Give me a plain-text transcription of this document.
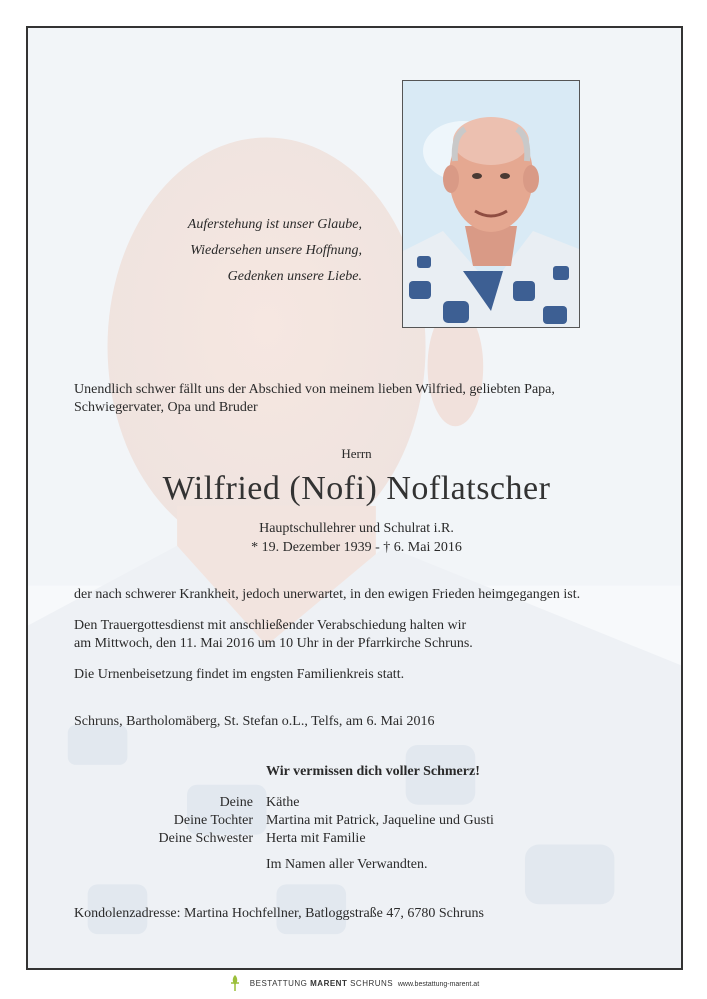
Auferstehung ist unser Glaube,
Wiedersehen unsere Hoffnung,
Gedenken unsere Liebe.
Unendlich schwer fällt uns der Abschied von meinem lieben Wilfried, geliebten Papa,
Schwiegervater, Opa und Bruder
Herrn
Wilfried (Nofi) Noflatscher
Hauptschullehrer und Schulrat i.R.
* 19. Dezember 1939 - † 6. Mai 2016
der nach schwerer Krankheit, jedoch unerwartet, in den ewigen Frieden heimgegangen ist.
Den Trauergottesdienst mit anschließender Verabschiedung halten wir
am Mittwoch, den 11. Mai 2016 um 10 Uhr in der Pfarrkirche Schruns.
Die Urnenbeisetzung findet im engsten Familienkreis statt.
Schruns, Bartholomäberg, St. Stefan o.L., Telfs, am 6. Mai 2016
Wir vermissen dich voller Schmerz!
Deine Käthe
Deine Tochter Martina mit Patrick, Jaqueline und Gusti
Deine Schwester Herta mit Familie
Im Namen aller Verwandten.
Kondolenzadresse: Martina Hochfellner, Batloggstraße 47, 6780 Schruns
BESTATTUNG MARENT SCHRUNS www.bestattung-marent.at
